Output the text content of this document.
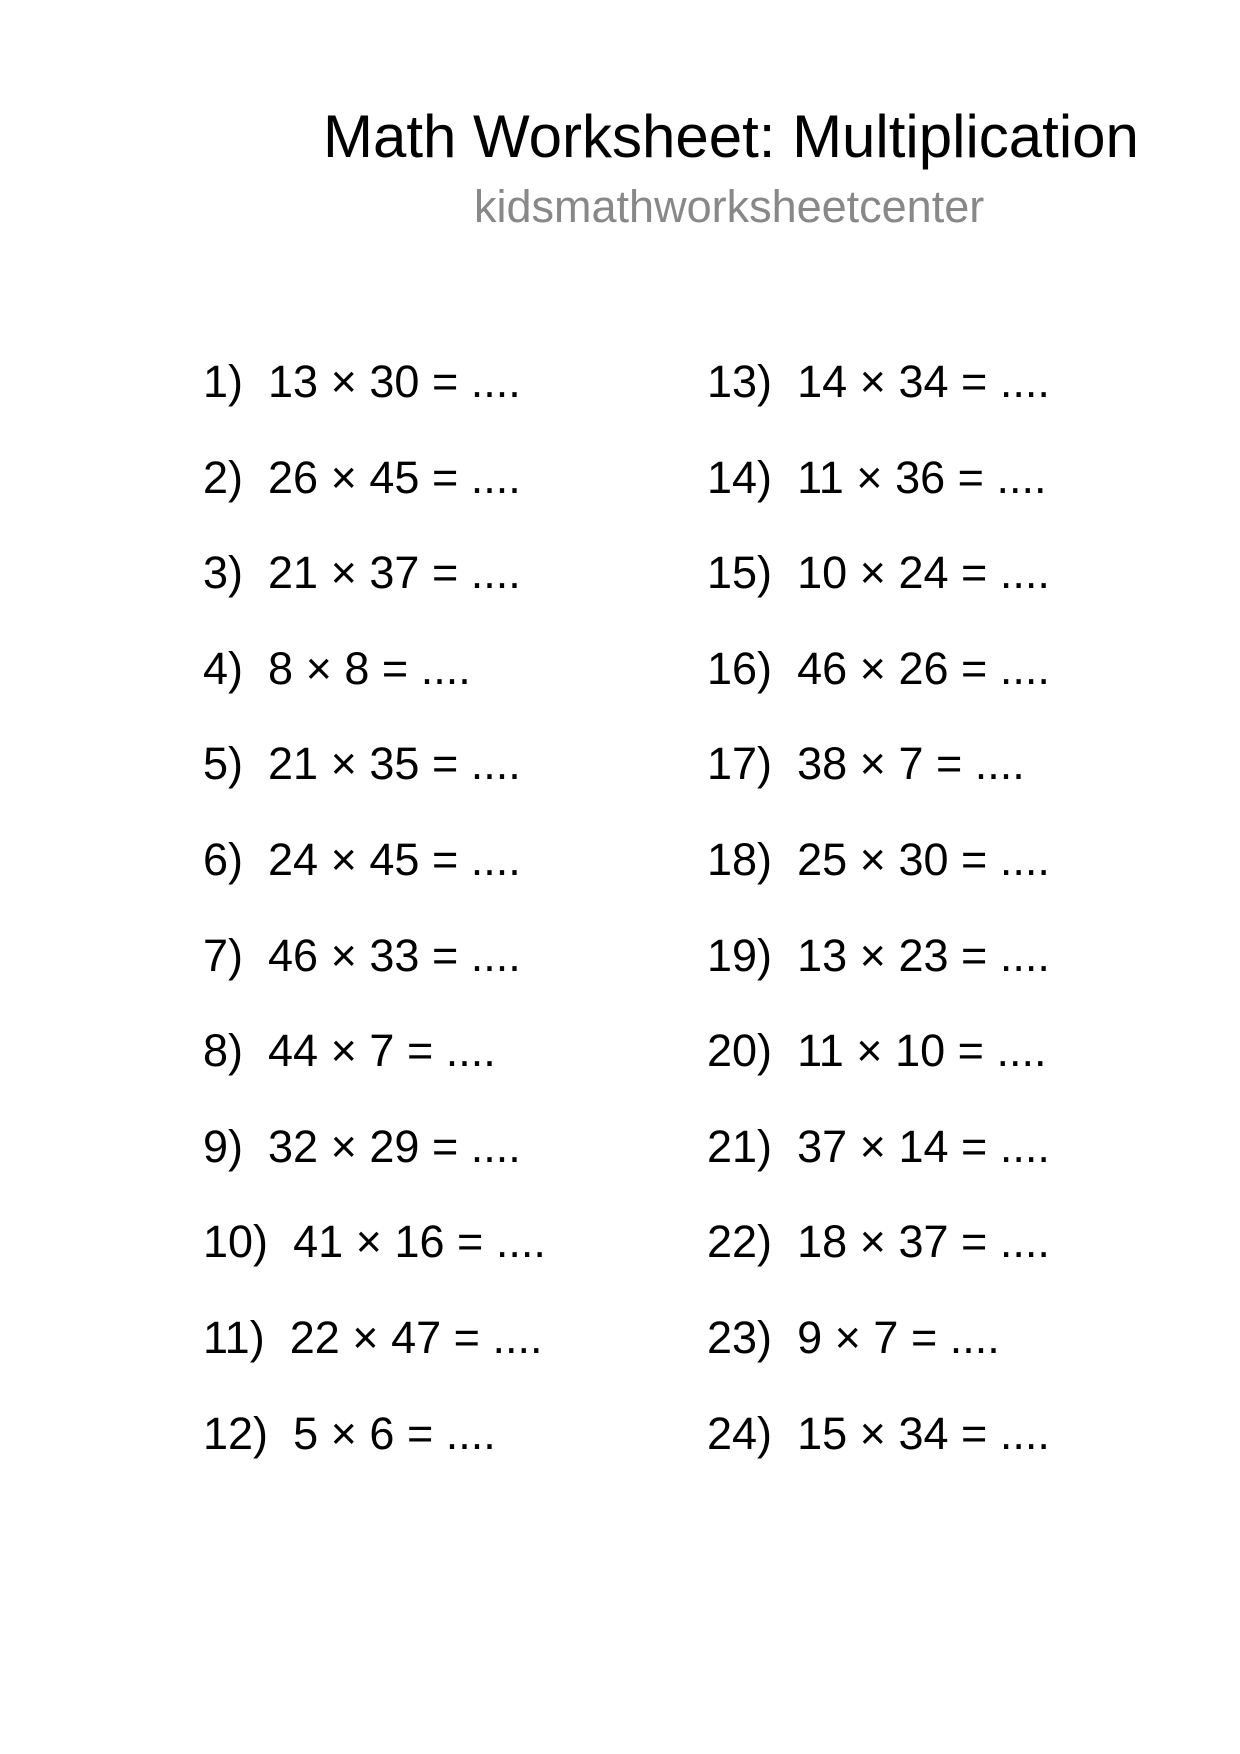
Math Worksheet: Multiplication
kidsmathworksheetcenter
1) 13 × 30 = ....
2) 26 × 45 = ....
3) 21 × 37 = ....
4) 8 × 8 = ....
5) 21 × 35 = ....
6) 24 × 45 = ....
7) 46 × 33 = ....
8) 44 × 7 = ....
9) 32 × 29 = ....
10) 41 × 16 = ....
11) 22 × 47 = ....
12) 5 × 6 = ....
13) 14 × 34 = ....
14) 11 × 36 = ....
15) 10 × 24 = ....
16) 46 × 26 = ....
17) 38 × 7 = ....
18) 25 × 30 = ....
19) 13 × 23 = ....
20) 11 × 10 = ....
21) 37 × 14 = ....
22) 18 × 37 = ....
23) 9 × 7 = ....
24) 15 × 34 = ....
